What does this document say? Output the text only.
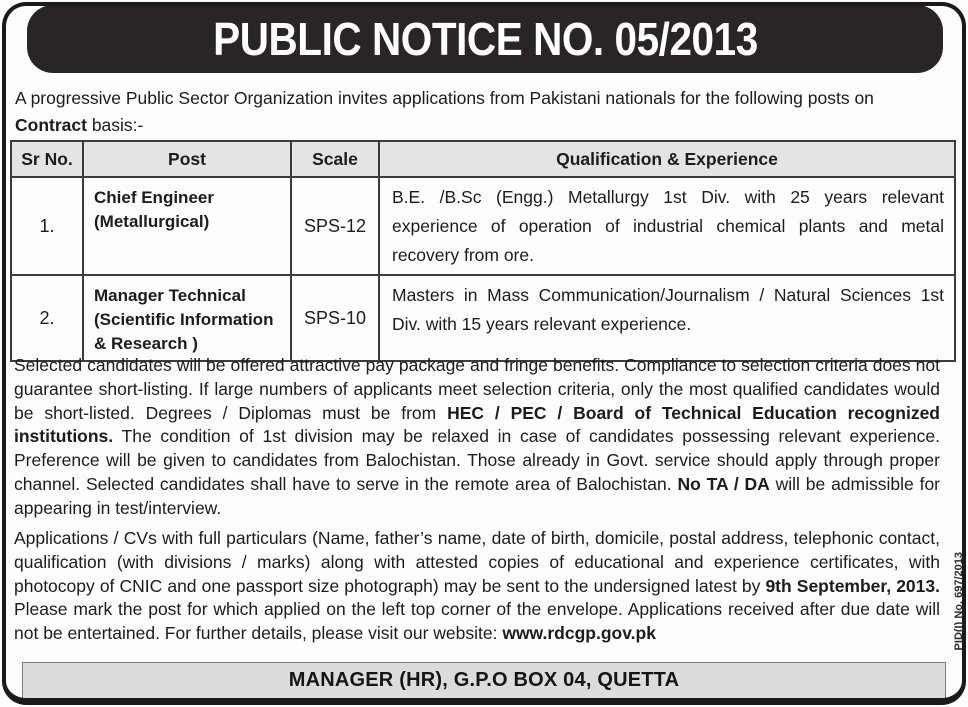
PUBLIC NOTICE NO. 05/2013

A progressive Public Sector Organization invites applications from Pakistani nationals for the following posts on Contract basis:-

Sr No.	Post	Scale	Qualification & Experience
1.	Chief Engineer (Metallurgical)	SPS-12	B.E. /B.Sc (Engg.) Metallurgy 1st Div. with 25 years relevant experience of operation of industrial chemical plants and metal recovery from ore.
2.	Manager Technical (Scientific Information & Research )	SPS-10	Masters in Mass Communication/Journalism / Natural Sciences 1st Div. with 15 years relevant experience.

Selected candidates will be offered attractive pay package and fringe benefits. Compliance to selection criteria does not guarantee short-listing. If large numbers of applicants meet selection criteria, only the most qualified candidates would be short-listed. Degrees / Diplomas must be from HEC / PEC / Board of Technical Education recognized institutions. The condition of 1st division may be relaxed in case of candidates possessing relevant experience. Preference will be given to candidates from Balochistan. Those already in Govt. service should apply through proper channel. Selected candidates shall have to serve in the remote area of Balochistan. No TA / DA will be admissible for appearing in test/interview.

Applications / CVs with full particulars (Name, father’s name, date of birth, domicile, postal address, telephonic contact, qualification (with divisions / marks) along with attested copies of educational and experience certificates, with photocopy of CNIC and one passport size photograph) may be sent to the undersigned latest by 9th September, 2013. Please mark the post for which applied on the left top corner of the envelope. Applications received after due date will not be entertained. For further details, please visit our website: www.rdcgp.gov.pk

MANAGER (HR), G.P.O BOX 04, QUETTA
PID(I) No. 697/2013
